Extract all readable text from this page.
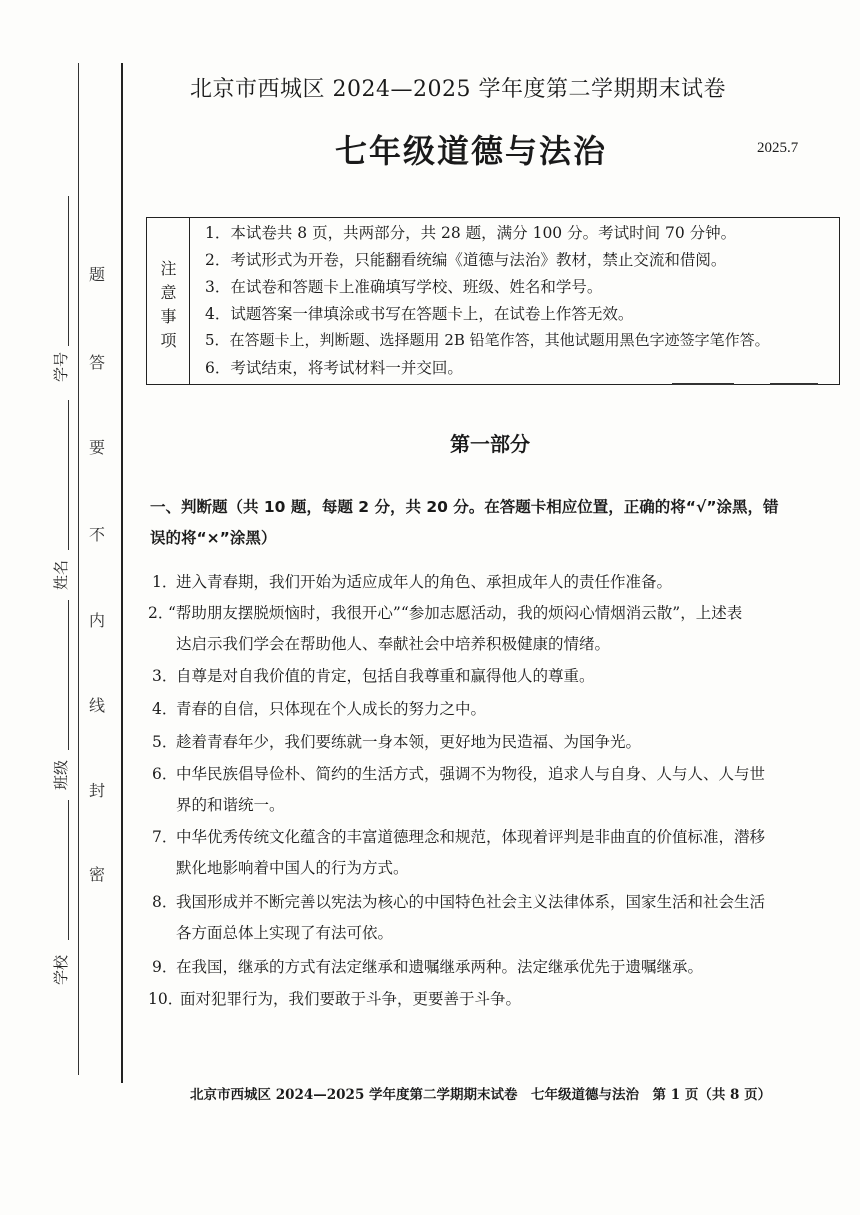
学号
姓名
班级
学校
题
答
要
不
内
线
封
密
北京市西城区 2024—2025 学年度第二学期期末试卷
七年级道德与法治	2025.7
注
意
事
项
1．本试卷共 8 页，共两部分，共 28 题，满分 100 分。考试时间 70 分钟。
2．考试形式为开卷，只能翻看统编《道德与法治》教材，禁止交流和借阅。
3．在试卷和答题卡上准确填写学校、班级、姓名和学号。
4．试题答案一律填涂或书写在答题卡上，在试卷上作答无效。
5．在答题卡上，判断题、选择题用 2B 铅笔作答，其他试题用黑色字迹签字笔作答。
6．考试结束，将考试材料一并交回。
第一部分
一、判断题（共 10 题，每题 2 分，共 20 分。在答题卡相应位置，正确的将“√”涂黑，错
误的将“×”涂黑）
1．
进入青春期，我们开始为适应成年人的角色、承担成年人的责任作准备。
2．
“帮助朋友摆脱烦恼时，我很开心”“参加志愿活动，我的烦闷心情烟消云散”，上述表
达启示我们学会在帮助他人、奉献社会中培养积极健康的情绪。
3．
自尊是对自我价值的肯定，包括自我尊重和赢得他人的尊重。
4．
青春的自信，只体现在个人成长的努力之中。
5．
趁着青春年少，我们要练就一身本领，更好地为民造福、为国争光。
6．
中华民族倡导俭朴、简约的生活方式，强调不为物役，追求人与自身、人与人、人与世
界的和谐统一。
7．
中华优秀传统文化蕴含的丰富道德理念和规范，体现着评判是非曲直的价值标准，潜移
默化地影响着中国人的行为方式。
8．
我国形成并不断完善以宪法为核心的中国特色社会主义法律体系，国家生活和社会生活
各方面总体上实现了有法可依。
9．
在我国，继承的方式有法定继承和遗嘱继承两种。法定继承优先于遗嘱继承。
10．
面对犯罪行为，我们要敢于斗争，更要善于斗争。
北京市西城区 2024—2025 学年度第二学期期末试卷　七年级道德与法治　第 1 页（共 8 页）
